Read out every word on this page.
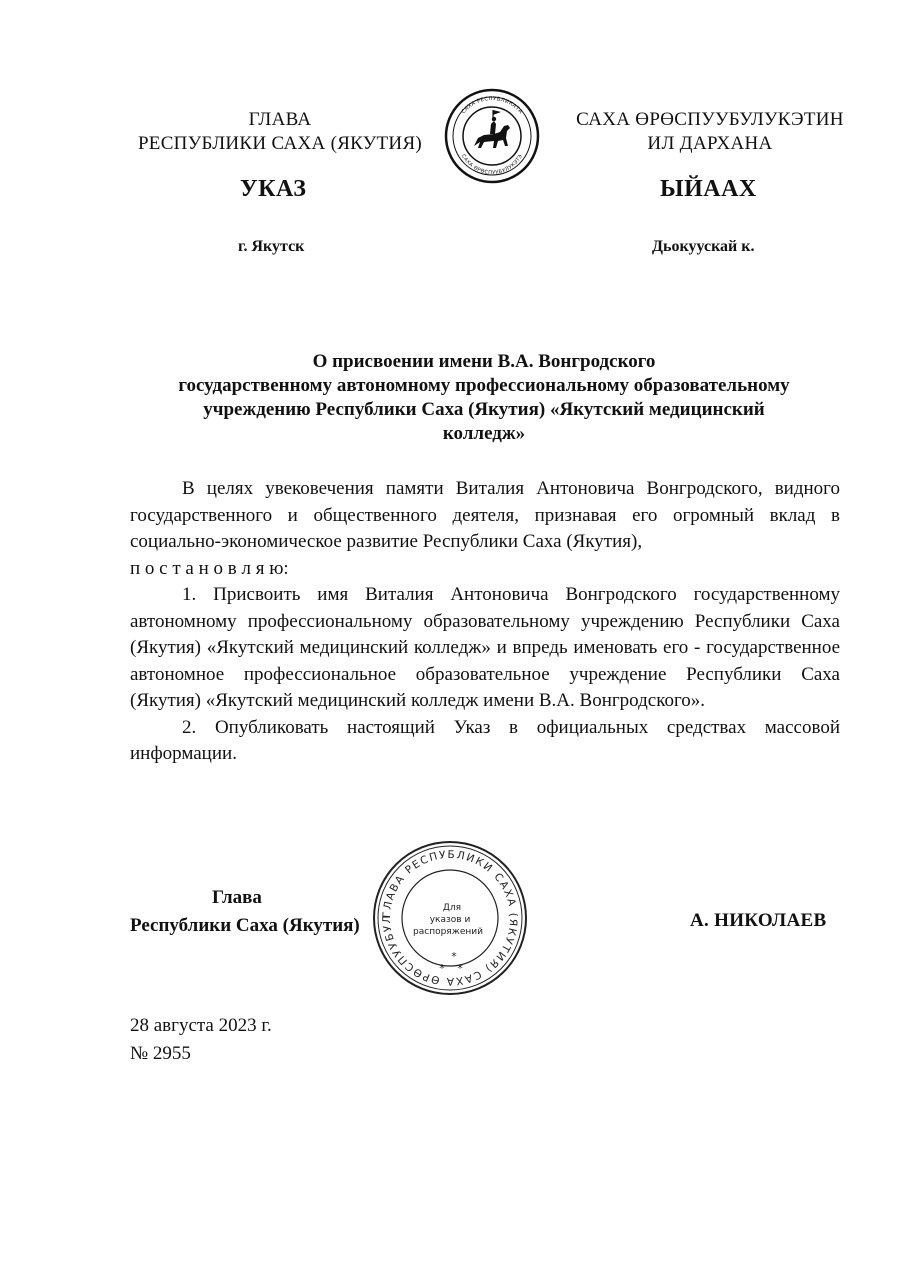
ГЛАВА
РЕСПУБЛИКИ САХА (ЯКУТИЯ)
САХА ӨРӨСПУУБУЛУКЭТИН
ИЛ ДАРХАНА
САХА РЕСПУБЛИКАТА
САХА ӨРӨСПУУБУЛУКЭТЭ
УКАЗ	ЫЙААХ
г. Якутск	Дьокуускай к.
О присвоении имени В.А. Вонгродского
государственному автономному профессиональному образовательному
учреждению Республики Саха (Якутия) «Якутский медицинский
колледж»

В целях увековечения памяти Виталия Антоновича Вонгродского, видного государственного и общественного деятеля, признавая его огромный вклад в социально-экономическое развитие Республики Саха (Якутия),

п о с т а н о в л я ю:

1. Присвоить имя Виталия Антоновича Вонгродского государственному автономному профессиональному образовательному учреждению Республики Саха (Якутия) «Якутский медицинский колледж» и впредь именовать его - государственное автономное профессиональное образовательное учреждение Республики Саха (Якутия) «Якутский медицинский колледж имени В.А. Вонгродского».

2. Опубликовать настоящий Указ в официальных средствах массовой информации.

Глава
Республики Саха (Якутия)
ГЛАВА РЕСПУБЛИКИ САХА (ЯКУТИЯ) САХА ӨРӨСПУУБУЛ
Для
указов и
распоряжений
*
* *
А. НИКОЛАЕВ
28 августа 2023 г.
№ 2955
